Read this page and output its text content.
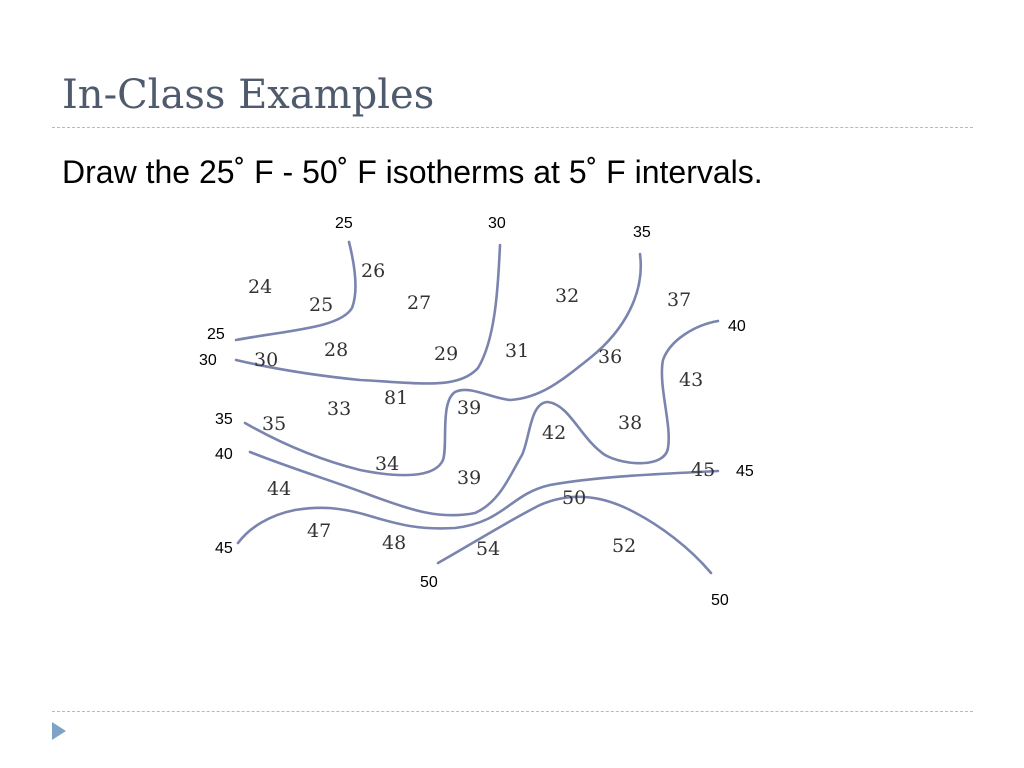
In-Class Examples
Draw the 25˚ F - 50˚ F isotherms at 5˚ F intervals.
25	30
35
40
25
30
35
40
45
45
50
50
24
26
25	27	32	37
28	29 31	36
43
30
81
33	39
35	42	38
34
39	45
44	50
47
48	54	52
